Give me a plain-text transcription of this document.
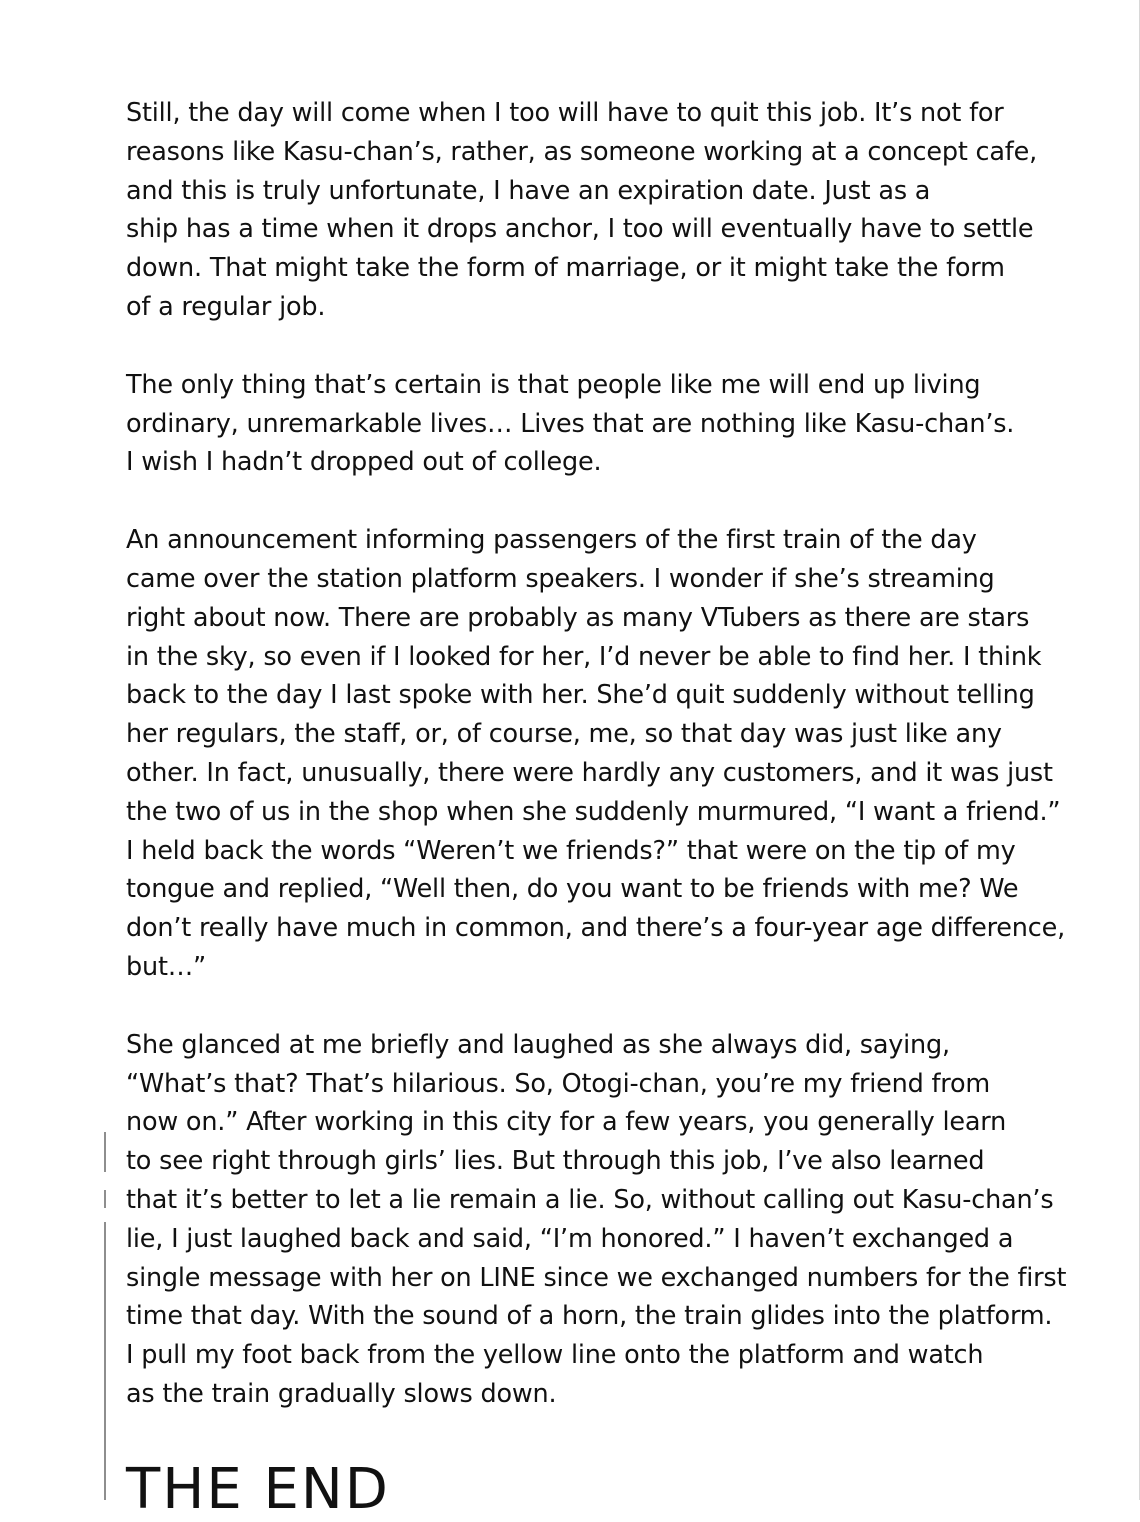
Still, the day will come when I too will have to quit this job. It’s not for
reasons like Kasu-chan’s, rather, as someone working at a concept cafe,
and this is truly unfortunate, I have an expiration date. Just as a
ship has a time when it drops anchor, I too will eventually have to settle
down. That might take the form of marriage, or it might take the form
of a regular job.
The only thing that’s certain is that people like me will end up living
ordinary, unremarkable lives… Lives that are nothing like Kasu-chan’s.
I wish I hadn’t dropped out of college.
An announcement informing passengers of the first train of the day
came over the station platform speakers. I wonder if she’s streaming
right about now. There are probably as many VTubers as there are stars
in the sky, so even if I looked for her, I’d never be able to find her. I think
back to the day I last spoke with her. She’d quit suddenly without telling
her regulars, the staff, or, of course, me, so that day was just like any
other. In fact, unusually, there were hardly any customers, and it was just
the two of us in the shop when she suddenly murmured, “I want a friend.”
I held back the words “Weren’t we friends?” that were on the tip of my
tongue and replied, “Well then, do you want to be friends with me? We
don’t really have much in common, and there’s a four-year age difference,
but…”
She glanced at me briefly and laughed as she always did, saying,
“What’s that? That’s hilarious. So, Otogi-chan, you’re my friend from
now on.” After working in this city for a few years, you generally learn
to see right through girls’ lies. But through this job, I’ve also learned
that it’s better to let a lie remain a lie. So, without calling out Kasu-chan’s
lie, I just laughed back and said, “I’m honored.” I haven’t exchanged a
single message with her on LINE since we exchanged numbers for the first
time that day. With the sound of a horn, the train glides into the platform.
I pull my foot back from the yellow line onto the platform and watch
as the train gradually slows down.
THE END
